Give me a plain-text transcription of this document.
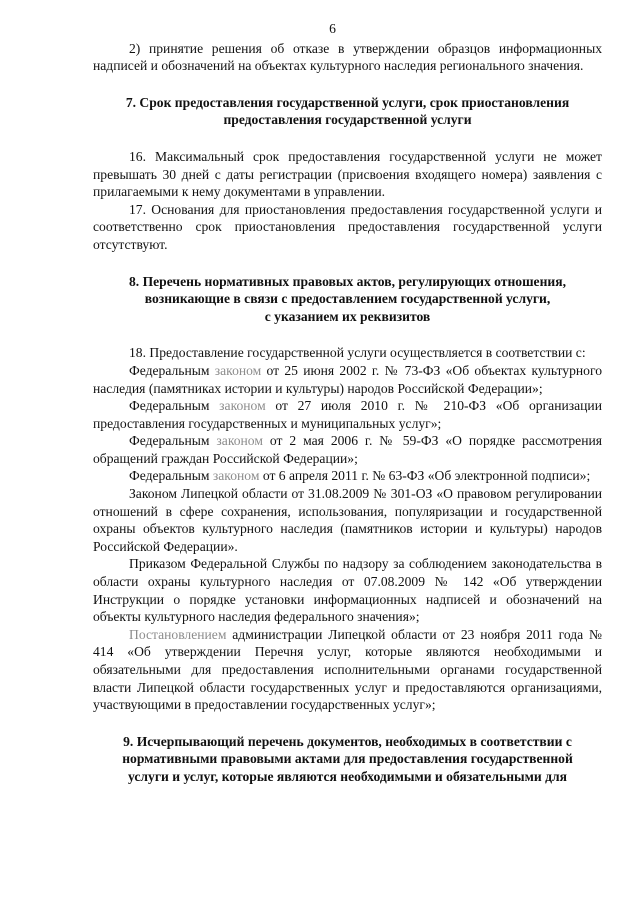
6

2) принятие решения об отказе в утверждении образцов информационных надписей и обозначений на объектах культурного наследия регионального значения.

7. Срок предоставления государственной услуги, срок приостановления
предоставления государственной услуги

16. Максимальный срок предоставления государственной услуги не может превышать 30 дней с даты регистрации (присвоения входящего номера) заявления с прилагаемыми к нему документами в управлении.

17. Основания для приостановления предоставления государственной услуги и соответственно срок приостановления предоставления государственной услуги отсутствуют.

8. Перечень нормативных правовых актов, регулирующих отношения,
возникающие в связи с предоставлением государственной услуги,
с указанием их реквизитов

18. Предоставление государственной услуги осуществляется в соответствии с:

Федеральным законом от 25 июня 2002 г. № 73-ФЗ «Об объектах культурного наследия (памятниках истории и культуры) народов Российской Федерации»;

Федеральным законом от 27 июля 2010 г. № 210-ФЗ «Об организации предоставления государственных и муниципальных услуг»;

Федеральным законом от 2 мая 2006 г. № 59-ФЗ «О порядке рассмотрения обращений граждан Российской Федерации»;

Федеральным законом от 6 апреля 2011 г. № 63-ФЗ «Об электронной подписи»;

Законом Липецкой области от 31.08.2009 № 301-ОЗ «О правовом регулировании отношений в сфере сохранения, использования, популяризации и государственной охраны объектов культурного наследия (памятников истории и культуры) народов Российской Федерации».

Приказом Федеральной Службы по надзору за соблюдением законодательства в области охраны культурного наследия от 07.08.2009 № 142 «Об утверждении Инструкции о порядке установки информационных надписей и обозначений на объекты культурного наследия федерального значения»;

Постановлением администрации Липецкой области от 23 ноября 2011 года № 414 «Об утверждении Перечня услуг, которые являются необходимыми и обязательными для предоставления исполнительными органами государственной власти Липецкой области государственных услуг и предоставляются организациями, участвующими в предоставлении государственных услуг»;

9. Исчерпывающий перечень документов, необходимых в соответствии с
нормативными правовыми актами для предоставления государственной
услуги и услуг, которые являются необходимыми и обязательными для
